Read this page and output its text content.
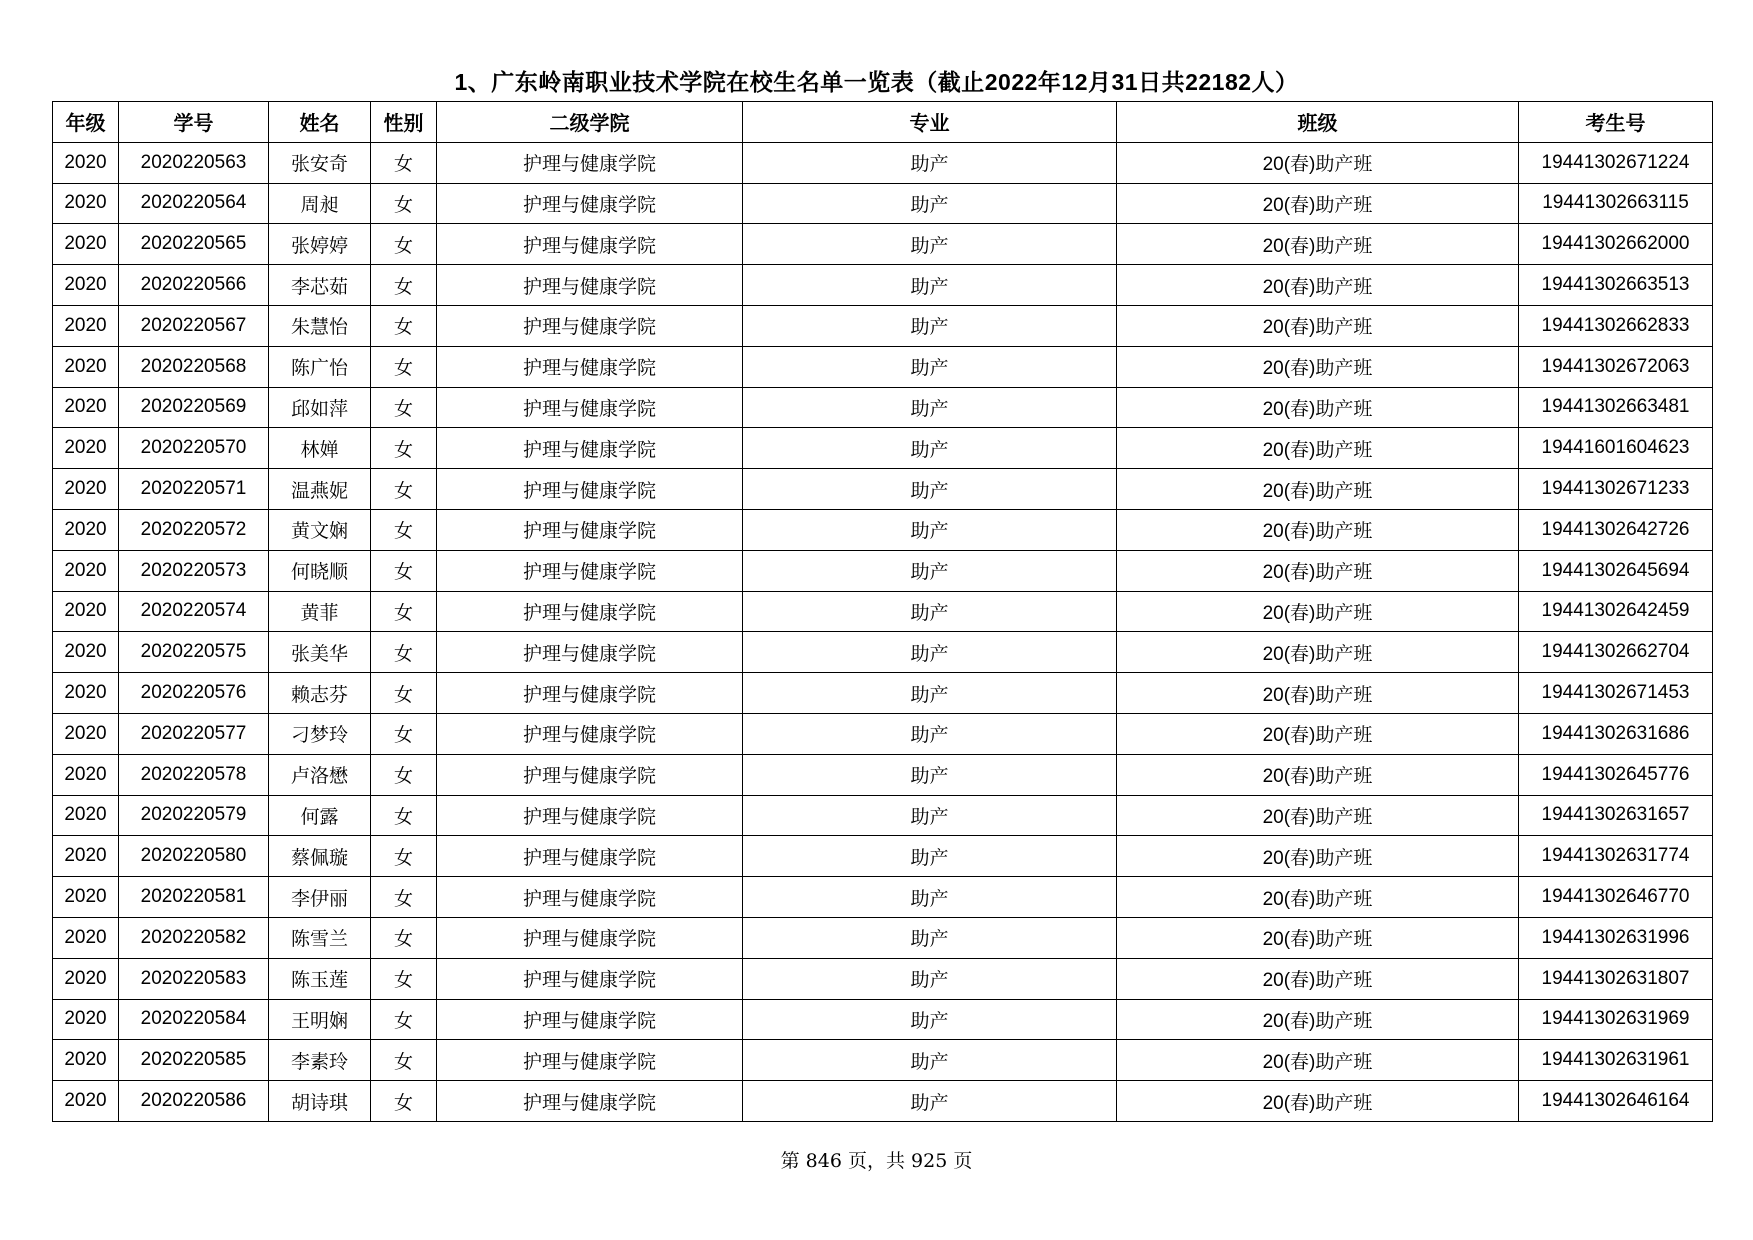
1、广东岭南职业技术学院在校生名单一览表（截止2022年12月31日共22182人）
年级	学号	姓名	性别	二级学院	专业	班级	考生号
2020	2020220563	张安奇	女	护理与健康学院	助产	20(春)助产班	19441302671224
2020	2020220564	周昶	女	护理与健康学院	助产	20(春)助产班	19441302663115
2020	2020220565	张婷婷	女	护理与健康学院	助产	20(春)助产班	19441302662000
2020	2020220566	李芯茹	女	护理与健康学院	助产	20(春)助产班	19441302663513
2020	2020220567	朱慧怡	女	护理与健康学院	助产	20(春)助产班	19441302662833
2020	2020220568	陈广怡	女	护理与健康学院	助产	20(春)助产班	19441302672063
2020	2020220569	邱如萍	女	护理与健康学院	助产	20(春)助产班	19441302663481
2020	2020220570	林婵	女	护理与健康学院	助产	20(春)助产班	19441601604623
2020	2020220571	温燕妮	女	护理与健康学院	助产	20(春)助产班	19441302671233
2020	2020220572	黄文娴	女	护理与健康学院	助产	20(春)助产班	19441302642726
2020	2020220573	何晓顺	女	护理与健康学院	助产	20(春)助产班	19441302645694
2020	2020220574	黄菲	女	护理与健康学院	助产	20(春)助产班	19441302642459
2020	2020220575	张美华	女	护理与健康学院	助产	20(春)助产班	19441302662704
2020	2020220576	赖志芬	女	护理与健康学院	助产	20(春)助产班	19441302671453
2020	2020220577	刁梦玲	女	护理与健康学院	助产	20(春)助产班	19441302631686
2020	2020220578	卢洛懋	女	护理与健康学院	助产	20(春)助产班	19441302645776
2020	2020220579	何露	女	护理与健康学院	助产	20(春)助产班	19441302631657
2020	2020220580	蔡佩璇	女	护理与健康学院	助产	20(春)助产班	19441302631774
2020	2020220581	李伊丽	女	护理与健康学院	助产	20(春)助产班	19441302646770
2020	2020220582	陈雪兰	女	护理与健康学院	助产	20(春)助产班	19441302631996
2020	2020220583	陈玉莲	女	护理与健康学院	助产	20(春)助产班	19441302631807
2020	2020220584	王明娴	女	护理与健康学院	助产	20(春)助产班	19441302631969
2020	2020220585	李素玲	女	护理与健康学院	助产	20(春)助产班	19441302631961
2020	2020220586	胡诗琪	女	护理与健康学院	助产	20(春)助产班	19441302646164
第 846 页，共 925 页
